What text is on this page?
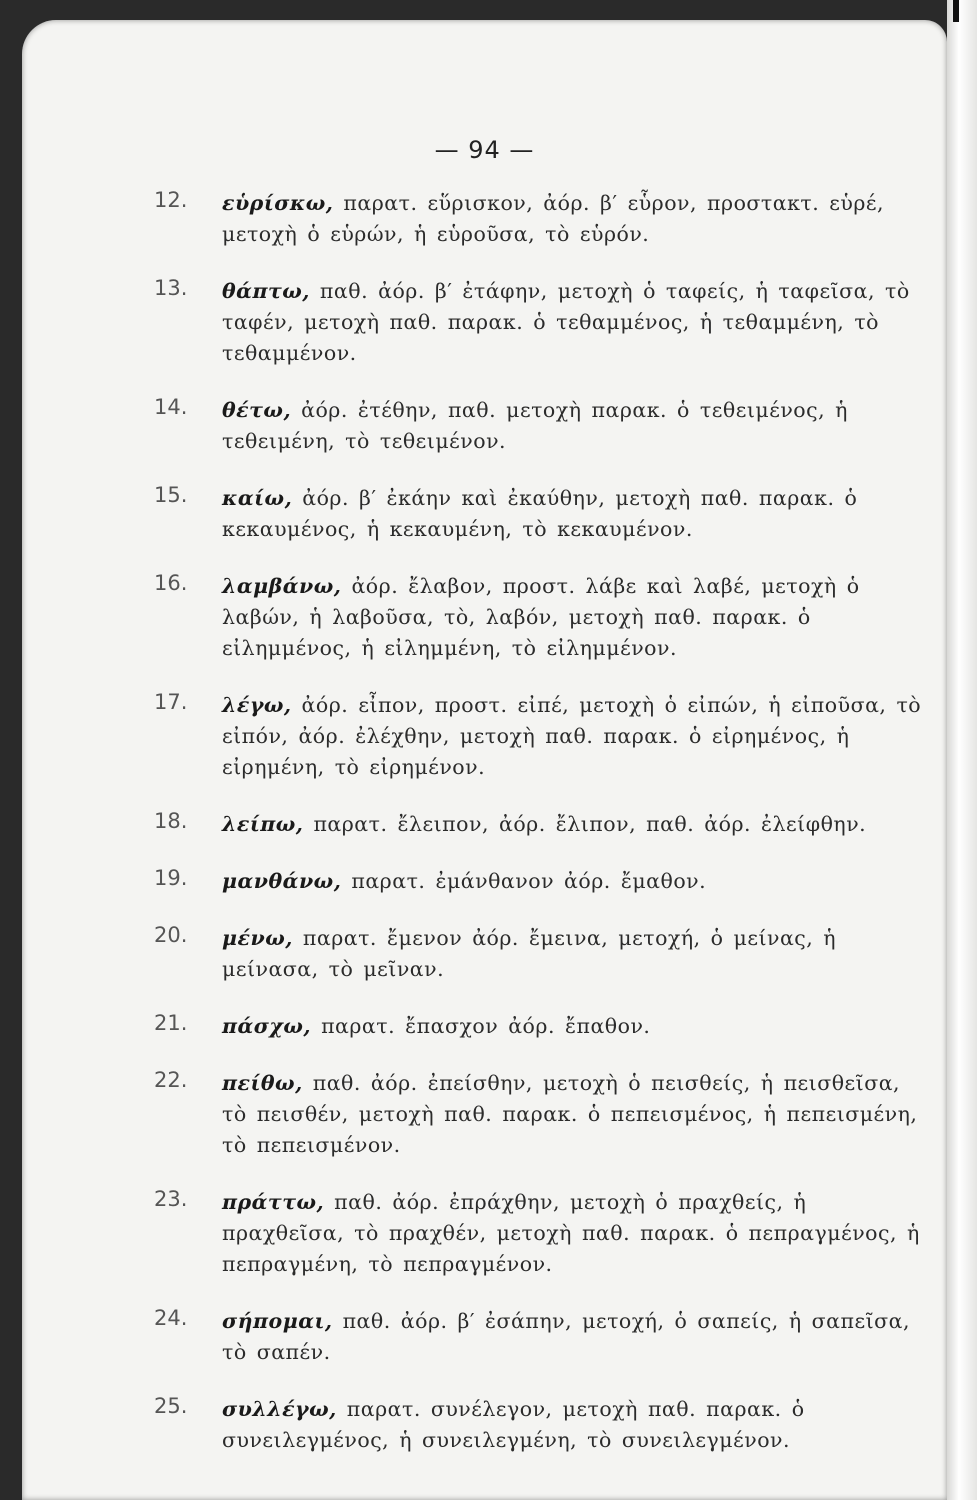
— 94 —
12. εὑρίσκω, παρατ. εὕρισκον, ἀόρ. β′ εὗρον, προστακτ. εὑρέ, μετοχὴ ὁ εὑρών, ἡ εὑροῦσα, τὸ εὑρόν.

13. θάπτω, παθ. ἀόρ. β′ ἐτάφην, μετοχὴ ὁ ταφείς, ἡ ταφεῖσα, τὸ ταφέν, μετοχὴ παθ. παρακ. ὁ τεθαμμένος, ἡ τεθαμμένη, τὸ τεθαμμένον.

14. θέτω, ἀόρ. ἐτέθην, παθ. μετοχὴ παρακ. ὁ τεθειμένος, ἡ τεθειμένη, τὸ τεθειμένον.

15. καίω, ἀόρ. β′ ἐκάην καὶ ἐκαύθην, μετοχὴ παθ. παρακ. ὁ κεκαυμένος, ἡ κεκαυμένη, τὸ κεκαυμένον.

16. λαμβάνω, ἀόρ. ἔλαβον, προστ. λάβε καὶ λαβέ, μετοχὴ ὁ λαβών, ἡ λαβοῦσα, τὸ, λαβόν, μετοχὴ παθ. παρακ. ὁ εἰλημμένος, ἡ εἰλημμένη, τὸ εἰλημμένον.

17. λέγω, ἀόρ. εἶπον, προστ. εἰπέ, μετοχὴ ὁ εἰπών, ἡ εἰποῦσα, τὸ εἰπόν, ἀόρ. ἐλέχθην, μετοχὴ παθ. παρακ. ὁ εἰρημένος, ἡ εἰρημένη, τὸ εἰρημένον.

18. λείπω, παρατ. ἔλειπον, ἀόρ. ἔλιπον, παθ. ἀόρ. ἐλείφθην.

19. μανθάνω, παρατ. ἐμάνθανον ἀόρ. ἔμαθον.

20. μένω, παρατ. ἔμενον ἀόρ. ἔμεινα, μετοχή, ὁ μείνας, ἡ μείνασα, τὸ μεῖναν.

21. πάσχω, παρατ. ἔπασχον ἀόρ. ἔπαθον.

22. πείθω, παθ. ἀόρ. ἐπείσθην, μετοχὴ ὁ πεισθείς, ἡ πεισθεῖσα, τὸ πεισθέν, μετοχὴ παθ. παρακ. ὁ πεπεισμένος, ἡ πεπεισμένη, τὸ πεπεισμένον.

23. πράττω, παθ. ἀόρ. ἐπράχθην, μετοχὴ ὁ πραχθείς, ἡ πραχθεῖσα, τὸ πραχθέν, μετοχὴ παθ. παρακ. ὁ πεπραγμένος, ἡ πεπραγμένη, τὸ πεπραγμένον.

24. σήπομαι, παθ. ἀόρ. β′ ἐσάπην, μετοχή, ὁ σαπείς, ἡ σαπεῖσα, τὸ σαπέν.

25. συλλέγω, παρατ. συνέλεγον, μετοχὴ παθ. παρακ. ὁ συνειλεγμένος, ἡ συνειλεγμένη, τὸ συνειλεγμένον.
